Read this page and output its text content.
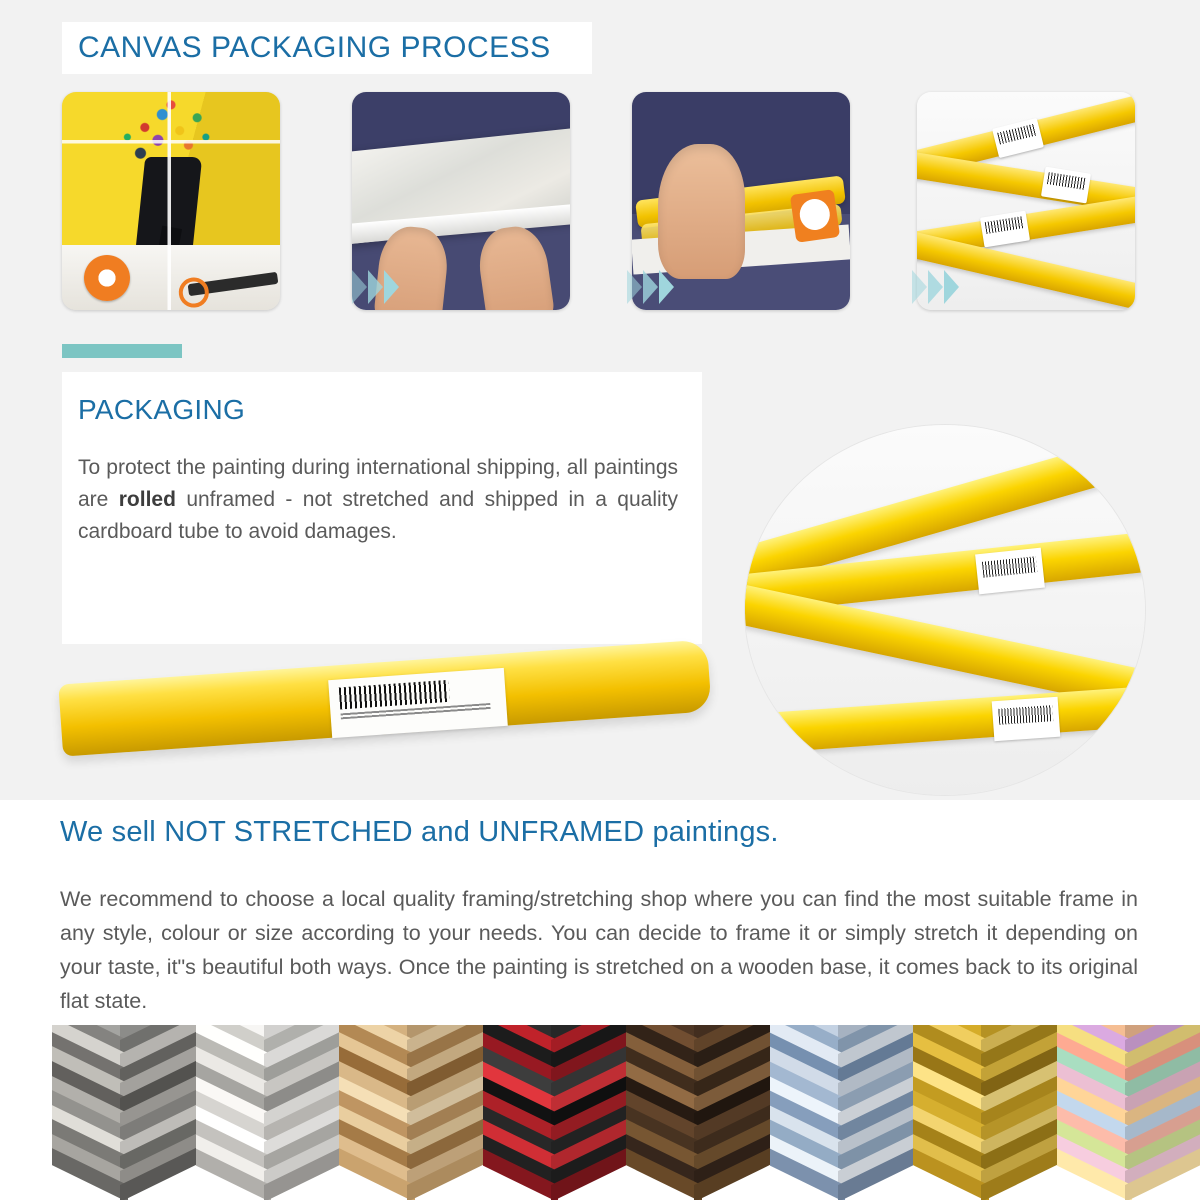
CANVAS PACKAGING PROCESS
PACKAGING
To protect the painting during international shipping, all paintings are rolled unframed - not stretched and shipped in a quality cardboard tube to avoid damages.
We sell NOT STRETCHED and UNFRAMED paintings.
We recommend to choose a local quality framing/stretching shop where you can find the most suitable frame in any style, colour or size according to your needs. You can decide to frame it or simply stretch it depending on your taste, it"s beautiful both ways. Once the painting is stretched on a wooden base, it comes back to its original flat state.
